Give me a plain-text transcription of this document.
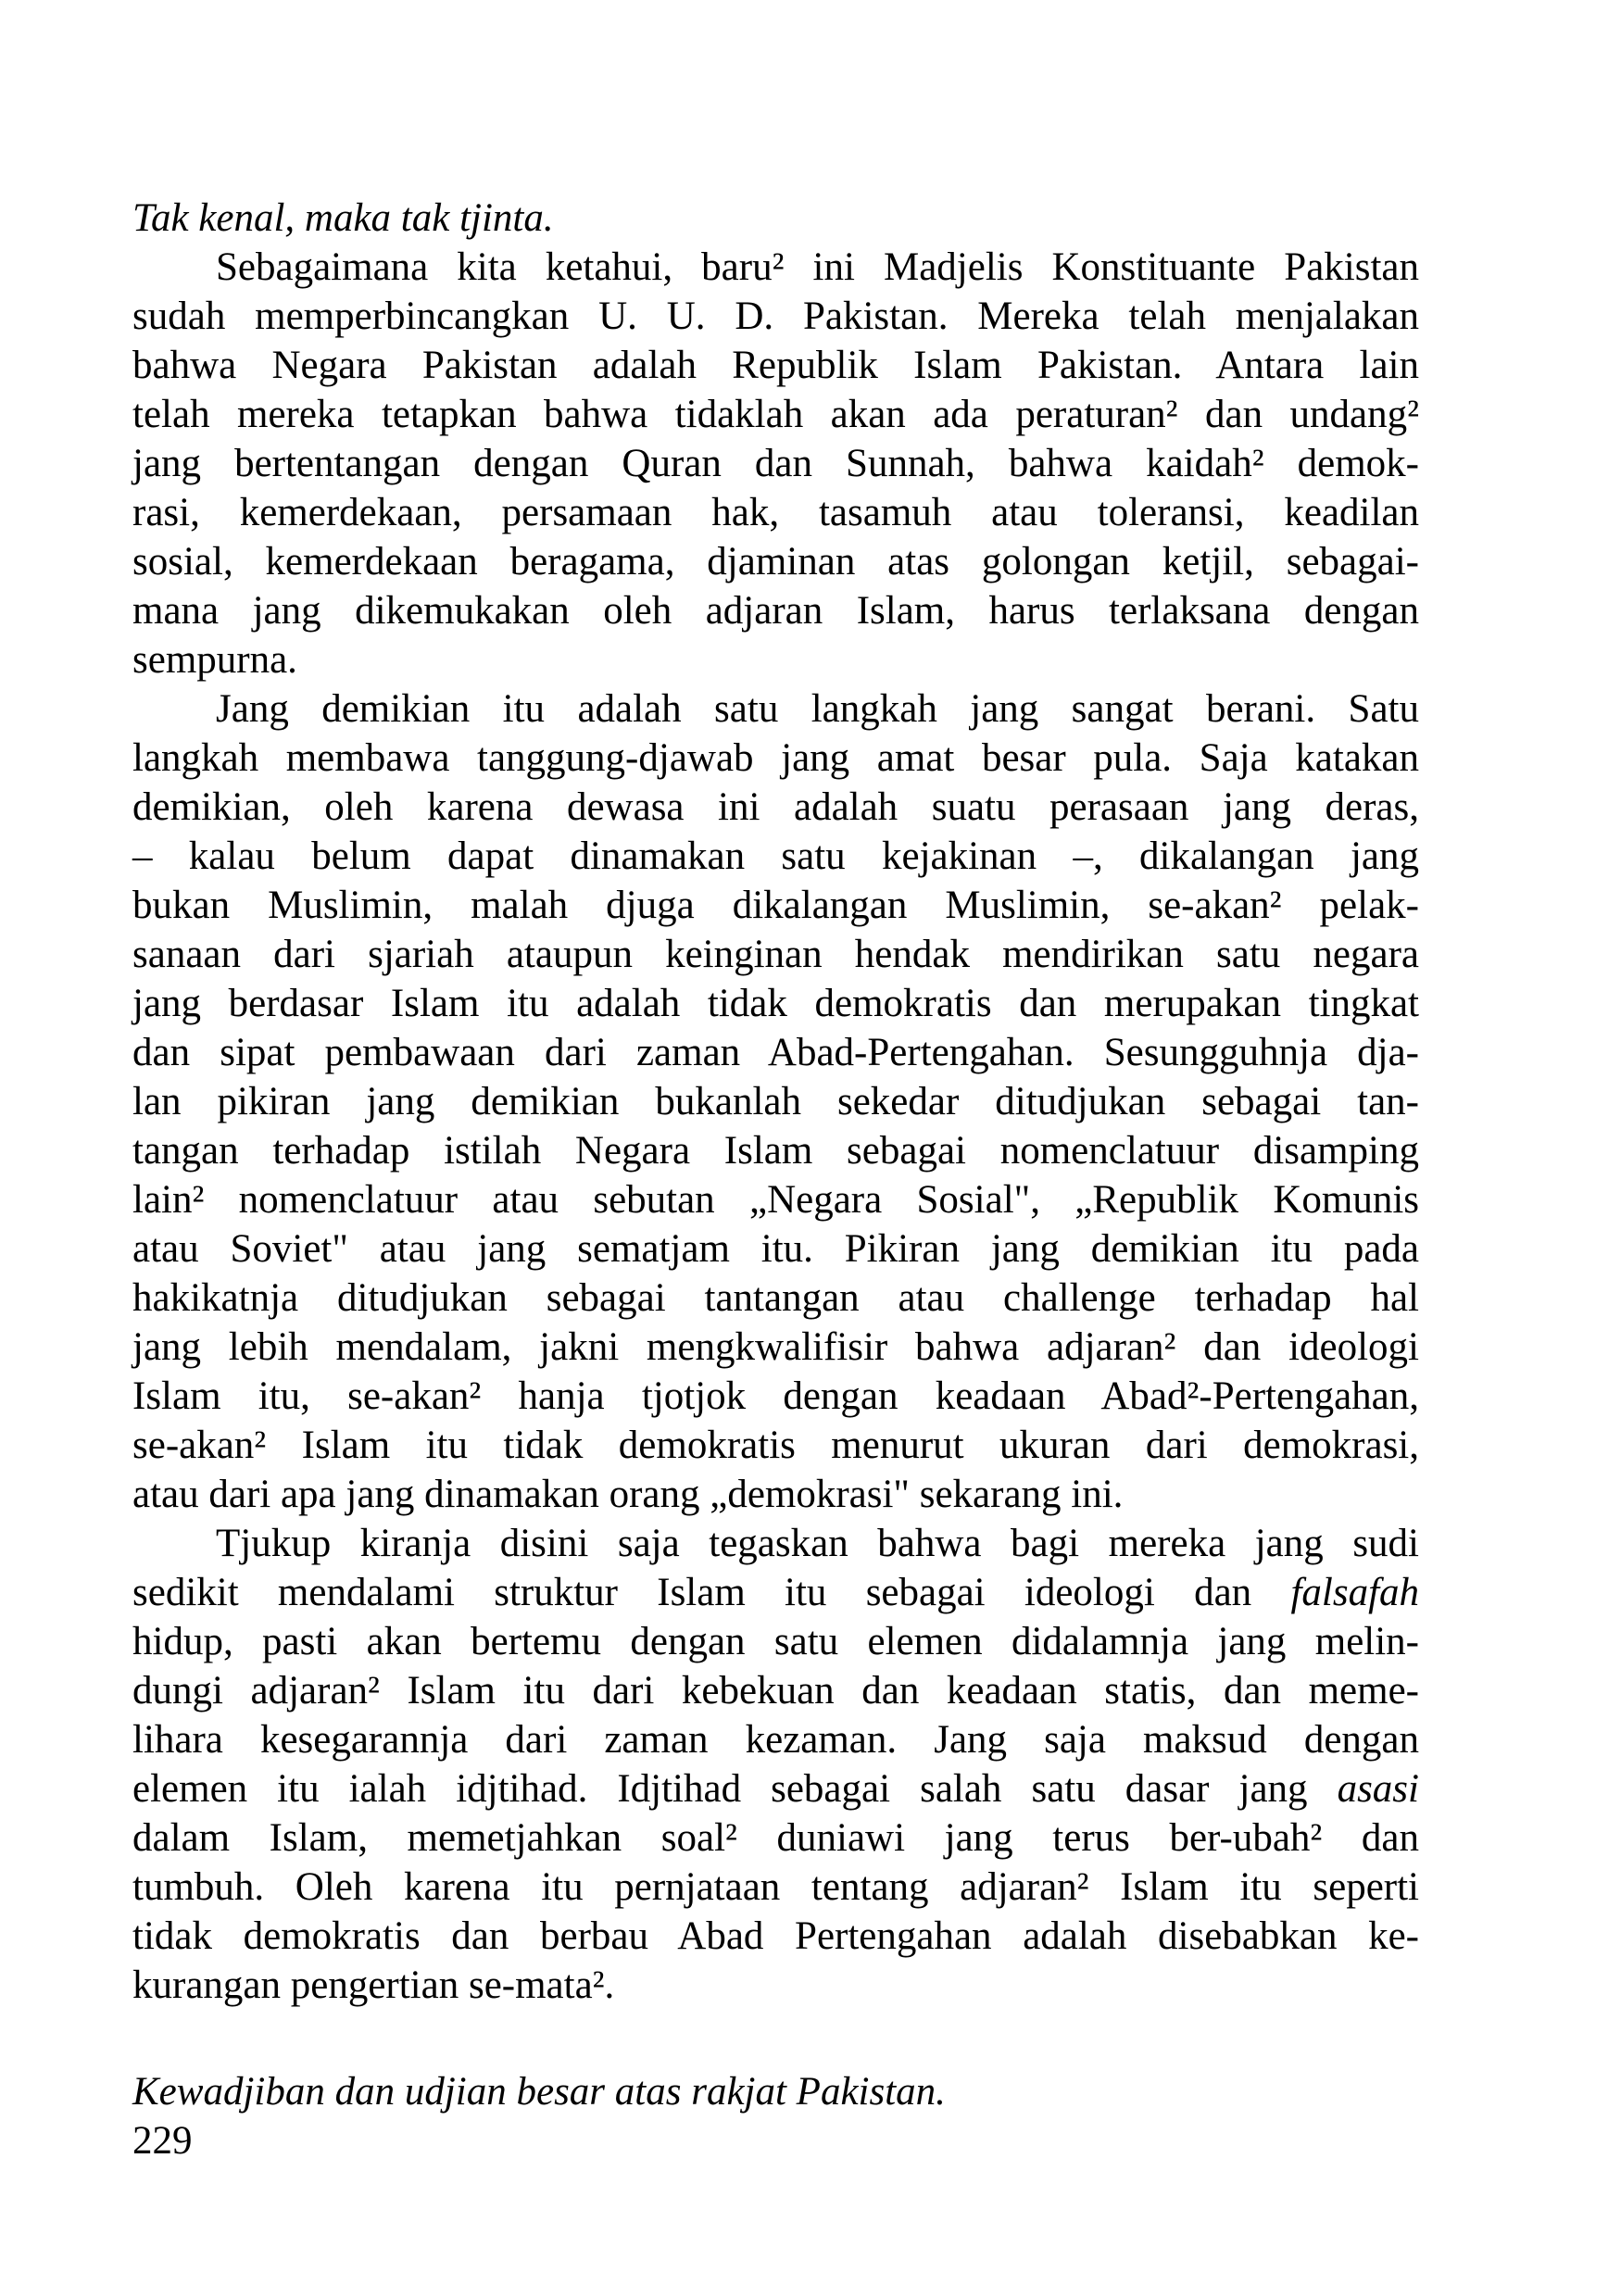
Tak kenal, maka tak tjinta.
Sebagaimana kita ketahui, baru² ini Madjelis Konstituante Pakistan
sudah memperbincangkan U. U. D. Pakistan. Mereka telah menjalakan
bahwa Negara Pakistan adalah Republik Islam Pakistan. Antara lain
telah mereka tetapkan bahwa tidaklah akan ada peraturan² dan undang²
jang bertentangan dengan Quran dan Sunnah, bahwa kaidah² demok-
rasi, kemerdekaan, persamaan hak, tasamuh atau toleransi, keadilan
sosial, kemerdekaan beragama, djaminan atas golongan ketjil, sebagai-
mana jang dikemukakan oleh adjaran Islam, harus terlaksana dengan
sempurna.
Jang demikian itu adalah satu langkah jang sangat berani. Satu
langkah membawa tanggung-djawab jang amat besar pula. Saja katakan
demikian, oleh karena dewasa ini adalah suatu perasaan jang deras,
– kalau belum dapat dinamakan satu kejakinan –, dikalangan jang
bukan Muslimin, malah djuga dikalangan Muslimin, se-akan² pelak-
sanaan dari sjariah ataupun keinginan hendak mendirikan satu negara
jang berdasar Islam itu adalah tidak demokratis dan merupakan tingkat
dan sipat pembawaan dari zaman Abad-Pertengahan. Sesungguhnja dja-
lan pikiran jang demikian bukanlah sekedar ditudjukan sebagai tan-
tangan terhadap istilah Negara Islam sebagai nomenclatuur disamping
lain² nomenclatuur atau sebutan „Negara Sosial", „Republik Komunis
atau Soviet" atau jang sematjam itu. Pikiran jang demikian itu pada
hakikatnja ditudjukan sebagai tantangan atau challenge terhadap hal
jang lebih mendalam, jakni mengkwalifisir bahwa adjaran² dan ideologi
Islam itu, se-akan² hanja tjotjok dengan keadaan Abad²-Pertengahan,
se-akan² Islam itu tidak demokratis menurut ukuran dari demokrasi,
atau dari apa jang dinamakan orang „demokrasi" sekarang ini.
Tjukup kiranja disini saja tegaskan bahwa bagi mereka jang sudi
sedikit mendalami struktur Islam itu sebagai ideologi dan falsafah
hidup, pasti akan bertemu dengan satu elemen didalamnja jang melin-
dungi adjaran² Islam itu dari kebekuan dan keadaan statis, dan meme-
lihara kesegarannja dari zaman kezaman. Jang saja maksud dengan
elemen itu ialah idjtihad. Idjtihad sebagai salah satu dasar jang asasi
dalam Islam, memetjahkan soal² duniawi jang terus ber-ubah² dan
tumbuh. Oleh karena itu pernjataan tentang adjaran² Islam itu seperti
tidak demokratis dan berbau Abad Pertengahan adalah disebabkan ke-
kurangan pengertian se-mata².
Kewadjiban dan udjian besar atas rakjat Pakistan.
229
